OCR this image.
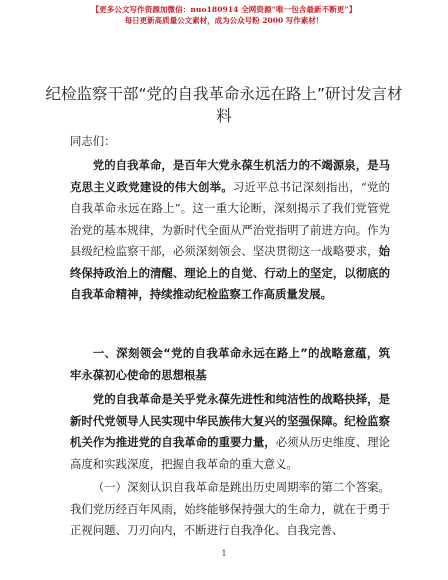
【更多公文写作资源加微信：nuo180914 全网资源“唯一包含最新不断更”】
每日更新高质量公文素材，成为公众号粉 2000 写作素材！
纪检监察干部“党的自我革命永远在路上”研讨发言材料

同志们：

党的自我革命，是百年大党永葆生机活力的不竭源泉，是马克思主义政党建设的伟大创举。习近平总书记深刻指出，“党的自我革命永远在路上”。这一重大论断，深刻揭示了我们党管党治党的基本规律，为新时代全面从严治党指明了前进方向。作为县级纪检监察干部，必须深刻领会、坚决贯彻这一战略要求，始终保持政治上的清醒、理论上的自觉、行动上的坚定，以彻底的自我革命精神，持续推动纪检监察工作高质量发展。

一、深刻领会“党的自我革命永远在路上”的战略意蕴，筑牢永葆初心使命的思想根基

党的自我革命是关乎党永葆先进性和纯洁性的战略抉择，是新时代党领导人民实现中华民族伟大复兴的坚强保障。纪检监察机关作为推进党的自我革命的重要力量，必须从历史维度、理论高度和实践深度，把握自我革命的重大意义。

（一）深刻认识自我革命是跳出历史周期率的第二个答案。我们党历经百年风雨，始终能够保持强大的生命力，就在于勇于正视问题、刀刃向内，不断进行自我净化、自我完善、

1
